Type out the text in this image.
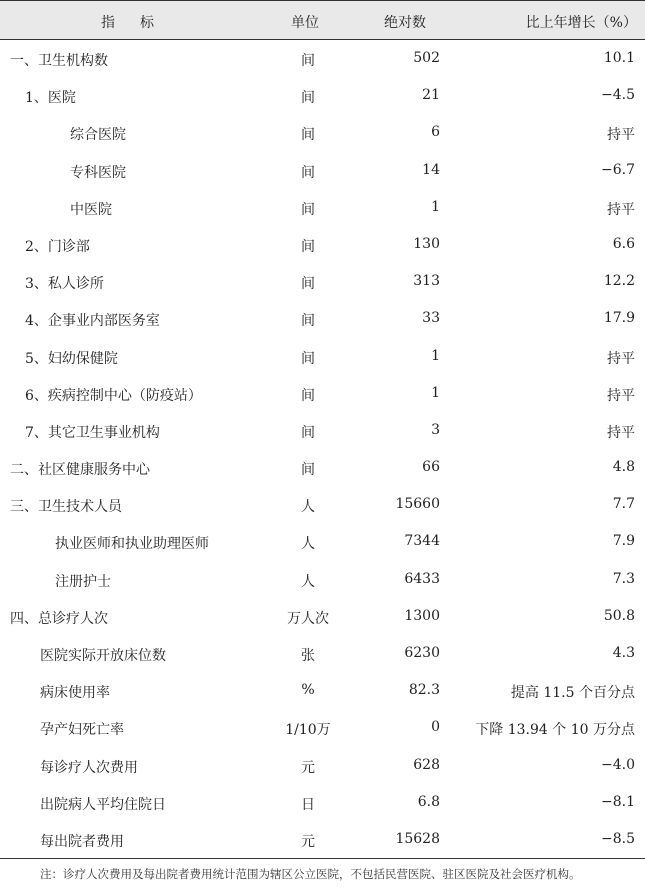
指标	单位	绝对数	比上年增长（%）
一、卫生机构数	间	502	10.1
1、医院	间	21	−4.5
综合医院	间	6	持平
专科医院	间	14	−6.7
中医院	间	1	持平
2、门诊部	间	130	6.6
3、私人诊所	间	313	12.2
4、企事业内部医务室	间	33	17.9
5、妇幼保健院	间	1	持平
6、疾病控制中心（防疫站）	间	1	持平
7、其它卫生事业机构	间	3	持平
二、社区健康服务中心	间	66	4.8
三、卫生技术人员	人	15660	7.7
执业医师和执业助理医师	人	7344	7.9
注册护士	人	6433	7.3
四、总诊疗人次	万人次	1300	50.8
医院实际开放床位数	张	6230	4.3
病床使用率	%	82.3	提高 11.5 个百分点
孕产妇死亡率	1/10万	0	下降 13.94 个 10 万分点
每诊疗人次费用	元	628	−4.0
出院病人平均住院日	日	6.8	−8.1
每出院者费用	元	15628	−8.5
注：诊疗人次费用及每出院者费用统计范围为辖区公立医院，不包括民营医院、驻区医院及社会医疗机构。
